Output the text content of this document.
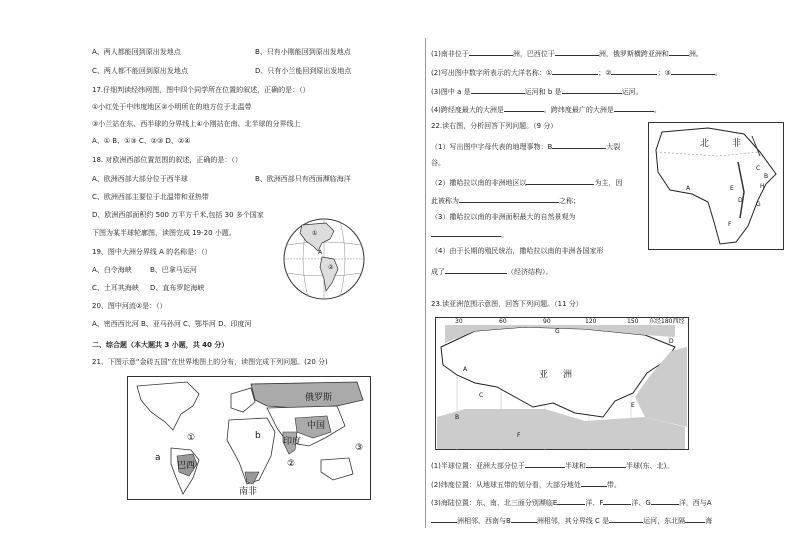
A、两人都能回到原出发地点	B、只有小刚能回到原出发地点
C、两人都不能回到原出发地点	D、只有小兰能回到原出发地点
17.仔细判读经纬网图，图中四个同学所在位置的叙述，正确的是：（）
①小红处于中纬度地区②小明所在的地方位于北温带
③小兰站在东、西半球的分界线上④小刚站在南、北半球的分界线上
A、① B、①③ C、②③ D、②④
18. 对欧洲西部位置范围的叙述，正确的是：（）
A、欧洲西部大部分位于西半球	B、欧洲西部只有西面濒临海洋
C、欧洲西部主要位于北温带和亚热带
D、欧洲西部面积约 500 万平方千米,包括 30 多个国家
下图为某半球轮廓图，读图完成 19-20 小题。
19、图中大洲分界线 A 的名称是：（）
A、白令海峡	B、巴拿马运河
C、土耳其海峡 D、直布罗陀海峡
20、图中河流②是：（）
A、密西西比河 B、亚马孙河 C、鄂毕河 D、印度河
二、综合题（本大题共 3 小题，共 40 分）
21、下图示意“金砖五国”在世界地图上的分布，读图完成下列问题。(20 分)
A
①
②
俄罗斯
中国
印度
巴西
南非
①
②
③
a
b
(1)南非位于	洲，巴西位于	洲，俄罗斯横跨亚洲和	洲。
(2)写出图中数字所表示的大洋名称：①	；②	；③	。
(3)图中 a 是	运河和 b 是	运河。
(4)跨经度最大的大洲是	。跨纬度最广的大洲是	。
22.读右图，分析回答下列问题。（9 分）
（1）写出图中字母代表的地理事物：B	大裂
谷。
（2）撒哈拉以南的非洲地区以	为主，因
此被称为	之称；
（3）撒哈拉以南的非洲面积最大的自然景观为
。
（4）由于长期的殖民统治，撒哈拉以南的非洲各国家形
成了	（经济结构）。
北	非
A
B
C
D
E
F
G
H
23.读亚洲范围示意图，回答下列问题。（11 分）
30	60	90	120	150 东经180西经
亚 洲
A
B
C
D
E
F
G
(1)半球位置：亚洲大部分位于	半球和	半球(东、北)。
(2)纬度位置：从地球五带的划分看，大部分地处	带。
(3)海陆位置：东、南、北三面分别濒临E	洋、F	洋、G	洋，西与A
洲相邻，西南与B	洲相邻，其分界线 C 是	运河，东北隔	海
